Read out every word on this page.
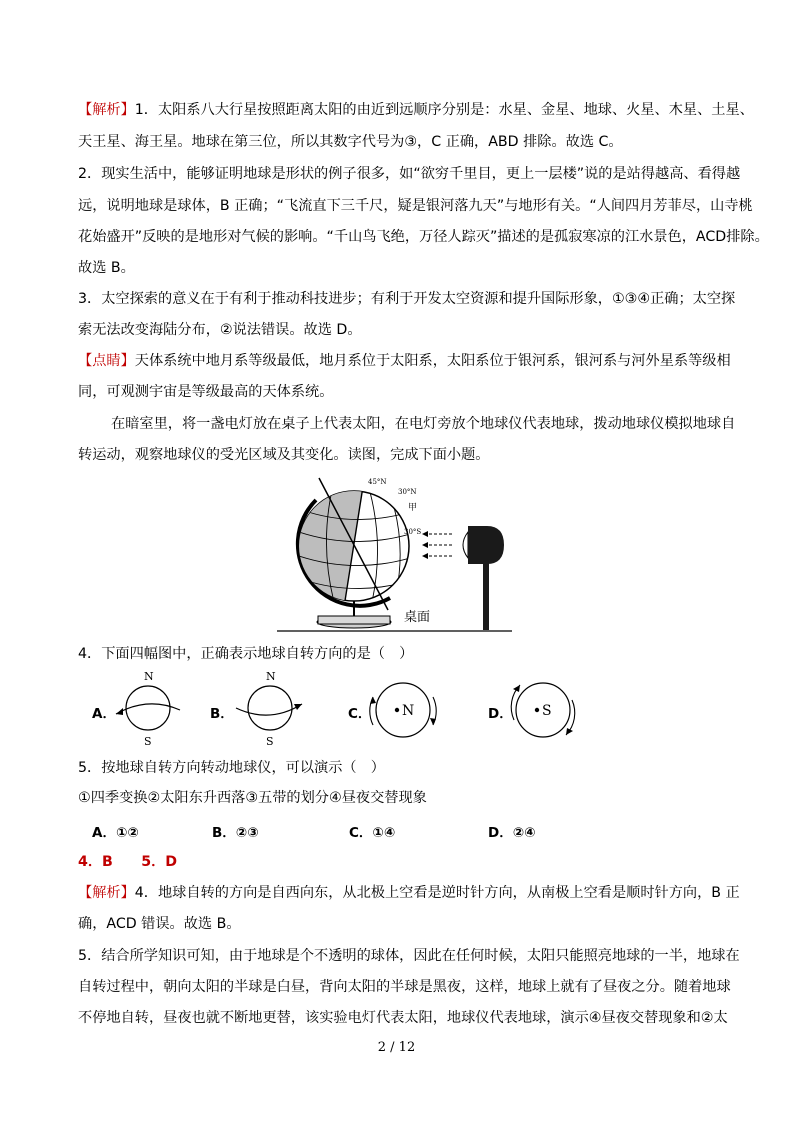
【解析】1．太阳系八大行星按照距离太阳的由近到远顺序分别是：水星、金星、地球、火星、木星、土星、
天王星、海王星。地球在第三位，所以其数字代号为③，C 正确，ABD 排除。故选 C。
2．现实生活中，能够证明地球是形状的例子很多，如“欲穷千里目，更上一层楼”说的是站得越高、看得越
远，说明地球是球体，B 正确；“飞流直下三千尺，疑是银河落九天”与地形有关。“人间四月芳菲尽，山寺桃
花始盛开”反映的是地形对气候的影响。“千山鸟飞绝，万径人踪灭”描述的是孤寂寒凉的江水景色，ACD排除。
故选 B。
3．太空探索的意义在于有利于推动科技进步；有利于开发太空资源和提升国际形象，①③④正确；太空探
索无法改变海陆分布，②说法错误。故选 D。
【点睛】天体系统中地月系等级最低，地月系位于太阳系，太阳系位于银河系，银河系与河外星系等级相
同，可观测宇宙是等级最高的天体系统。
在暗室里，将一盏电灯放在桌子上代表太阳，在电灯旁放个地球仪代表地球，拨动地球仪模拟地球自
转运动，观察地球仪的受光区域及其变化。读图，完成下面小题。
45°N
30°N
甲
30°S
桌面
4．下面四幅图中，正确表示地球自转方向的是（　）
A．
N
S
B．
N
S
C． N	D． S
5．按地球自转方向转动地球仪，可以演示（　）
①四季变换②太阳东升西落③五带的划分④昼夜交替现象
A．①②	B．②③	C．①④	D．②④
4．B　　5．D
【解析】4．地球自转的方向是自西向东，从北极上空看是逆时针方向，从南极上空看是顺时针方向，B 正
确，ACD 错误。故选 B。
5．结合所学知识可知，由于地球是个不透明的球体，因此在任何时候，太阳只能照亮地球的一半，地球在
自转过程中，朝向太阳的半球是白昼，背向太阳的半球是黑夜，这样，地球上就有了昼夜之分。随着地球
不停地自转，昼夜也就不断地更替，该实验电灯代表太阳，地球仪代表地球，演示④昼夜交替现象和②太
2 / 12
